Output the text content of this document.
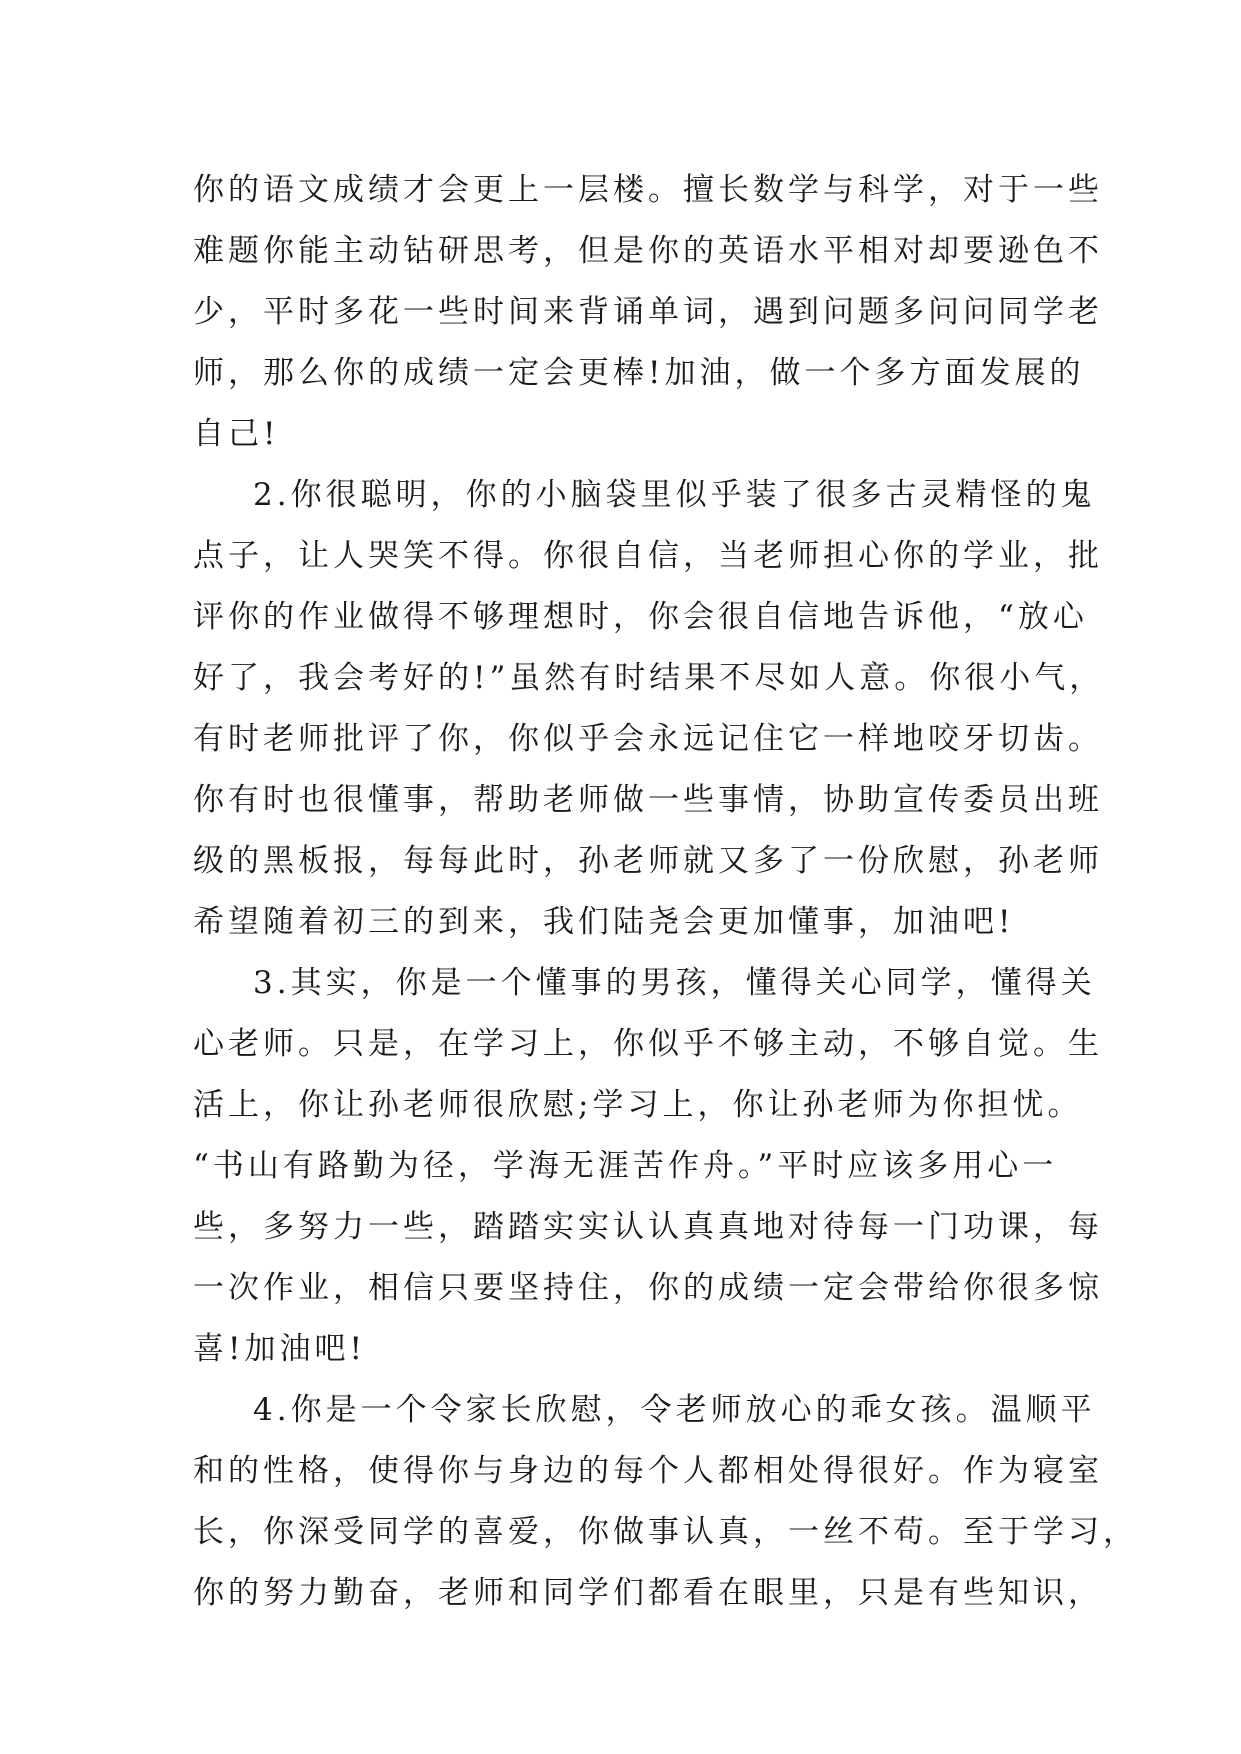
你的语文成绩才会更上一层楼。擅长数学与科学，对于一些
难题你能主动钻研思考，但是你的英语水平相对却要逊色不
少，平时多花一些时间来背诵单词，遇到问题多问问同学老
师，那么你的成绩一定会更棒!加油，做一个多方面发展的
自己!
2.你很聪明，你的小脑袋里似乎装了很多古灵精怪的鬼
点子，让人哭笑不得。你很自信，当老师担心你的学业，批
评你的作业做得不够理想时，你会很自信地告诉他，“放心
好了，我会考好的!”虽然有时结果不尽如人意。你很小气，
有时老师批评了你，你似乎会永远记住它一样地咬牙切齿。
你有时也很懂事，帮助老师做一些事情，协助宣传委员出班
级的黑板报，每每此时，孙老师就又多了一份欣慰，孙老师
希望随着初三的到来，我们陆尧会更加懂事，加油吧!
3.其实，你是一个懂事的男孩，懂得关心同学，懂得关
心老师。只是，在学习上，你似乎不够主动，不够自觉。生
活上，你让孙老师很欣慰;学习上，你让孙老师为你担忧。
“书山有路勤为径，学海无涯苦作舟。”平时应该多用心一
些，多努力一些，踏踏实实认认真真地对待每一门功课，每
一次作业，相信只要坚持住，你的成绩一定会带给你很多惊
喜!加油吧!
4.你是一个令家长欣慰，令老师放心的乖女孩。温顺平
和的性格，使得你与身边的每个人都相处得很好。作为寝室
长，你深受同学的喜爱，你做事认真，一丝不苟。至于学习，
你的努力勤奋，老师和同学们都看在眼里，只是有些知识，
